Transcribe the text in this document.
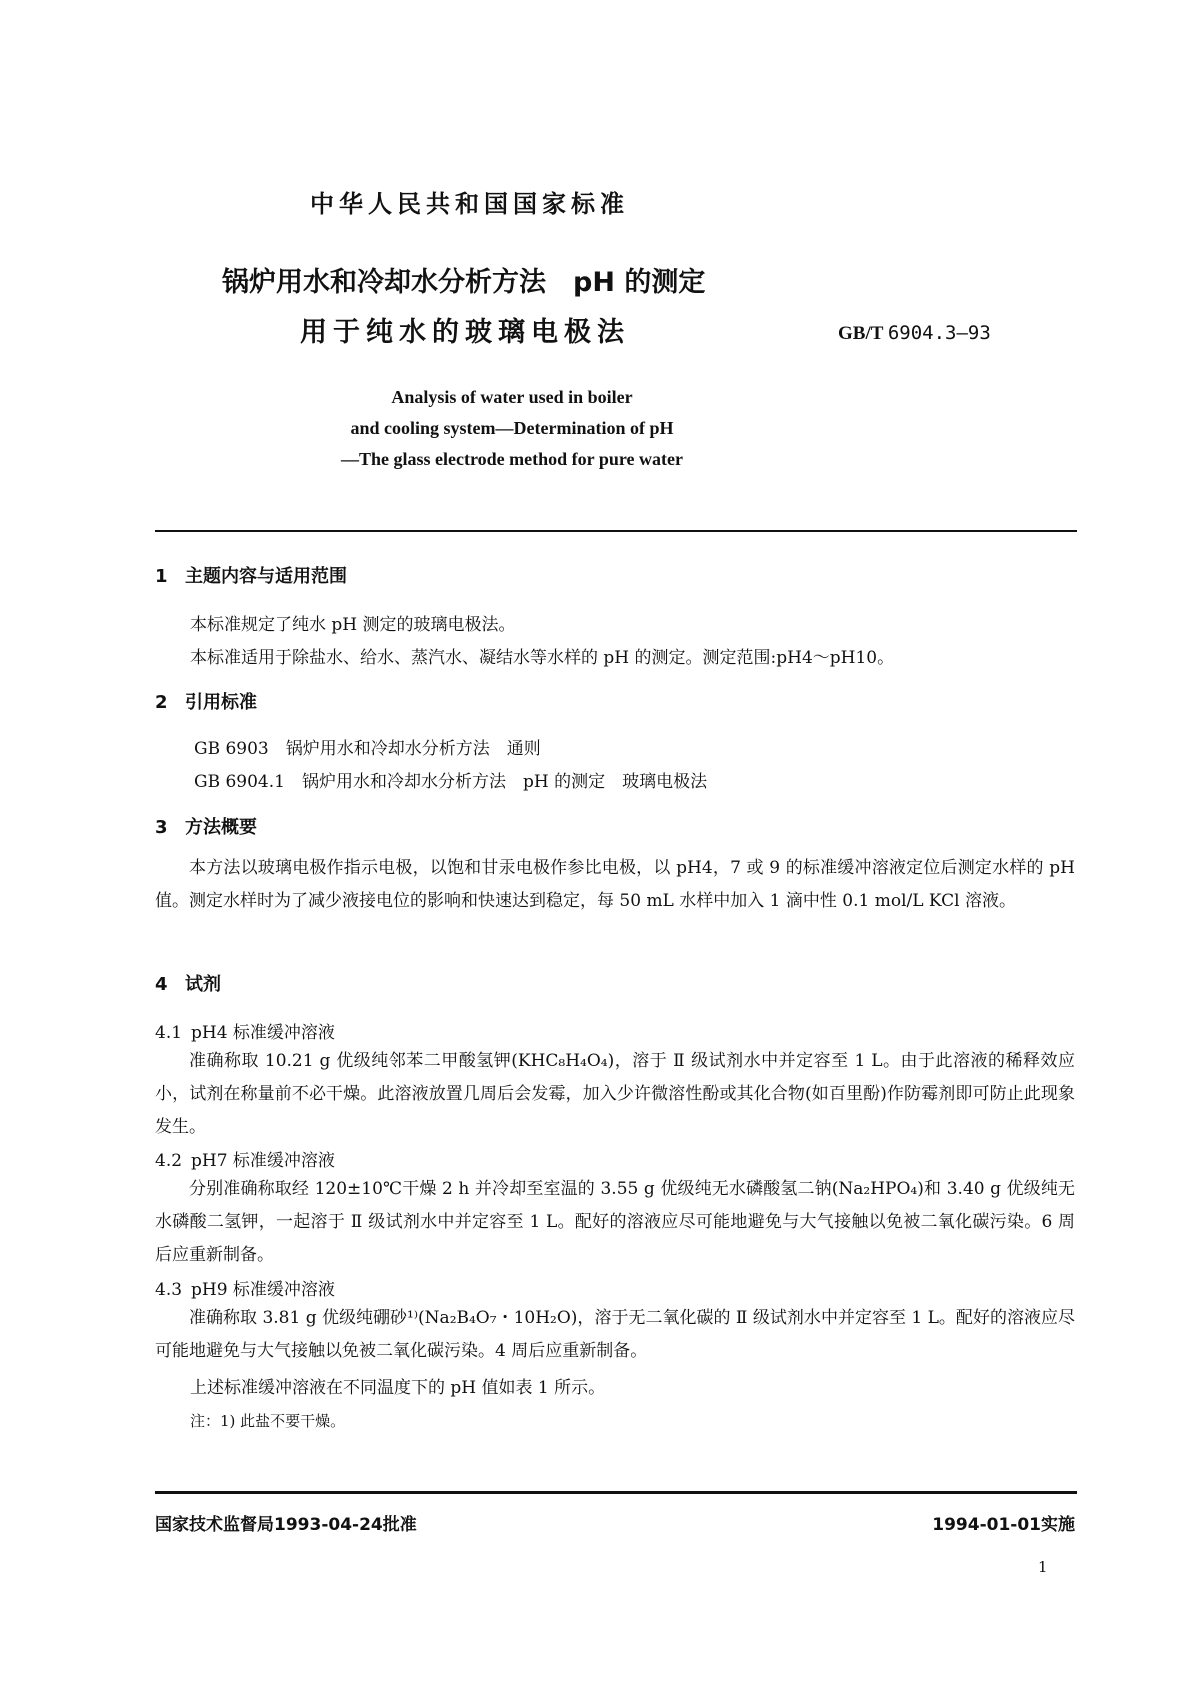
中华人民共和国国家标准
锅炉用水和冷却水分析方法　pH 的测定
用于纯水的玻璃电极法	GB/T 6904.3—93
Analysis of water used in boiler
and cooling system—Determination of pH
—The glass electrode method for pure water
1 主题内容与适用范围
本标准规定了纯水 pH 测定的玻璃电极法。
本标准适用于除盐水、给水、蒸汽水、凝结水等水样的 pH 的测定。测定范围:pH4～pH10。
2 引用标准
GB 6903　锅炉用水和冷却水分析方法　通则
GB 6904.1　锅炉用水和冷却水分析方法　pH 的测定　玻璃电极法
3 方法概要
本方法以玻璃电极作指示电极，以饱和甘汞电极作参比电极，以 pH4，7 或 9 的标准缓冲溶液定位后测定水样的 pH 值。测定水样时为了减少液接电位的影响和快速达到稳定，每 50 mL 水样中加入 1 滴中性 0.1 mol/L KCl 溶液。
4 试剂
4.1 pH4 标准缓冲溶液
准确称取 10.21 g 优级纯邻苯二甲酸氢钾(KHC₈H₄O₄)，溶于 Ⅱ 级试剂水中并定容至 1 L。由于此溶液的稀释效应小，试剂在称量前不必干燥。此溶液放置几周后会发霉，加入少许微溶性酚或其化合物(如百里酚)作防霉剂即可防止此现象发生。
4.2 pH7 标准缓冲溶液
分别准确称取经 120±10℃干燥 2 h 并冷却至室温的 3.55 g 优级纯无水磷酸氢二钠(Na₂HPO₄)和 3.40 g 优级纯无水磷酸二氢钾，一起溶于 Ⅱ 级试剂水中并定容至 1 L。配好的溶液应尽可能地避免与大气接触以免被二氧化碳污染。6 周后应重新制备。
4.3 pH9 标准缓冲溶液
准确称取 3.81 g 优级纯硼砂¹⁾(Na₂B₄O₇・10H₂O)，溶于无二氧化碳的 Ⅱ 级试剂水中并定容至 1 L。配好的溶液应尽可能地避免与大气接触以免被二氧化碳污染。4 周后应重新制备。
上述标准缓冲溶液在不同温度下的 pH 值如表 1 所示。
注：1) 此盐不要干燥。
国家技术监督局1993-04-24批准	1994-01-01实施
1
